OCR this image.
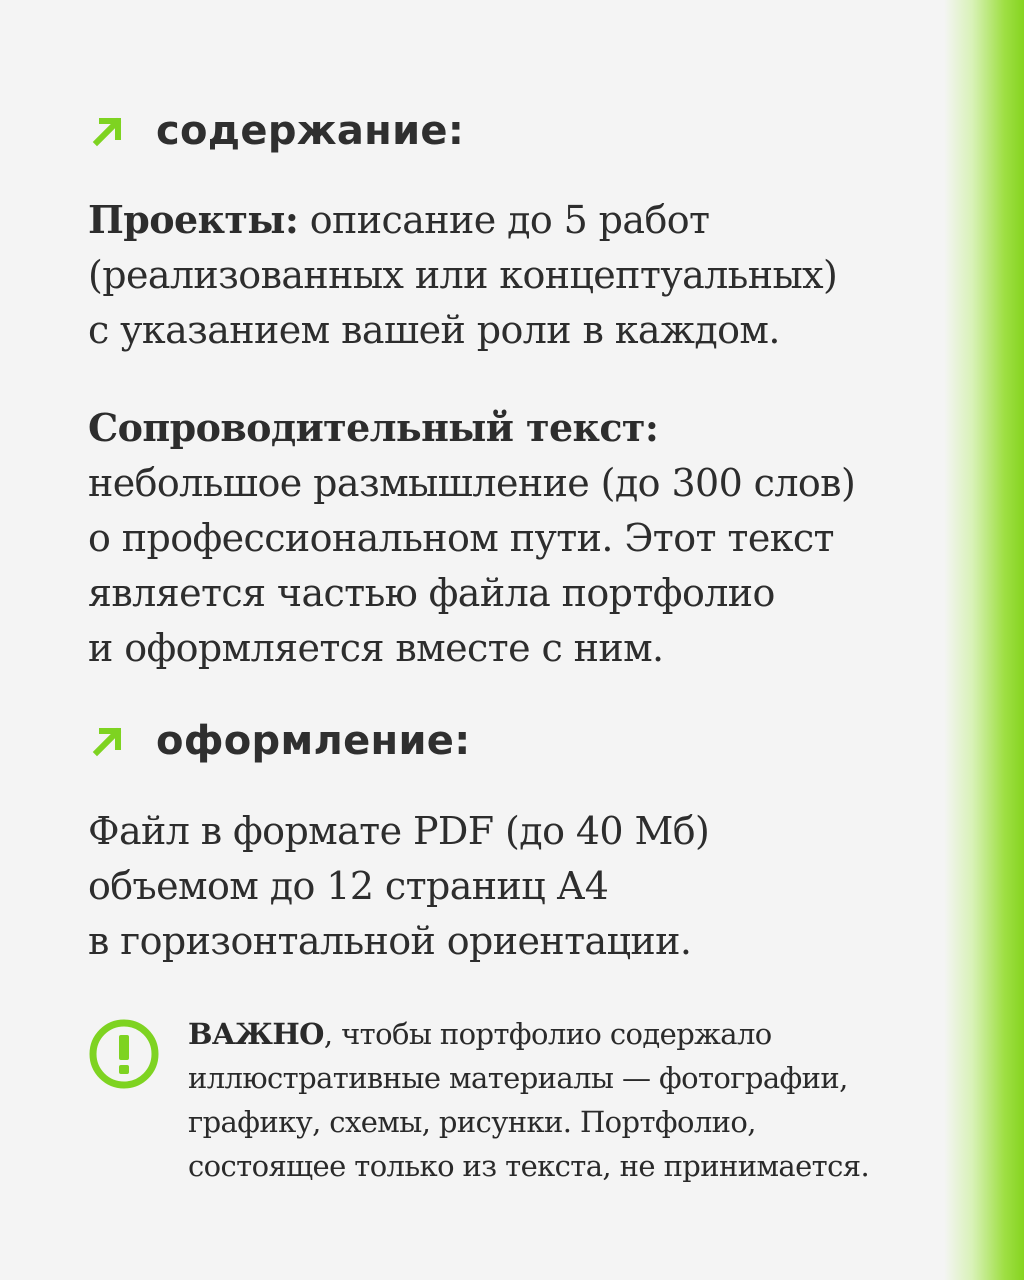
содержание:
Проекты: описание до 5 работ
(реализованных или концептуальных)
с указанием вашей роли в каждом.
Сопроводительный текст:
небольшое размышление (до 300 слов)
о профессиональном пути. Этот текст
является частью файла портфолио
и оформляется вместе с ним.
оформление:
Файл в формате PDF (до 40 Мб)
объемом до 12 страниц А4
в горизонтальной ориентации.
ВАЖНО, чтобы портфолио содержало
иллюстративные материалы — фотографии,
графику, схемы, рисунки. Портфолио,
состоящее только из текста, не принимается.
